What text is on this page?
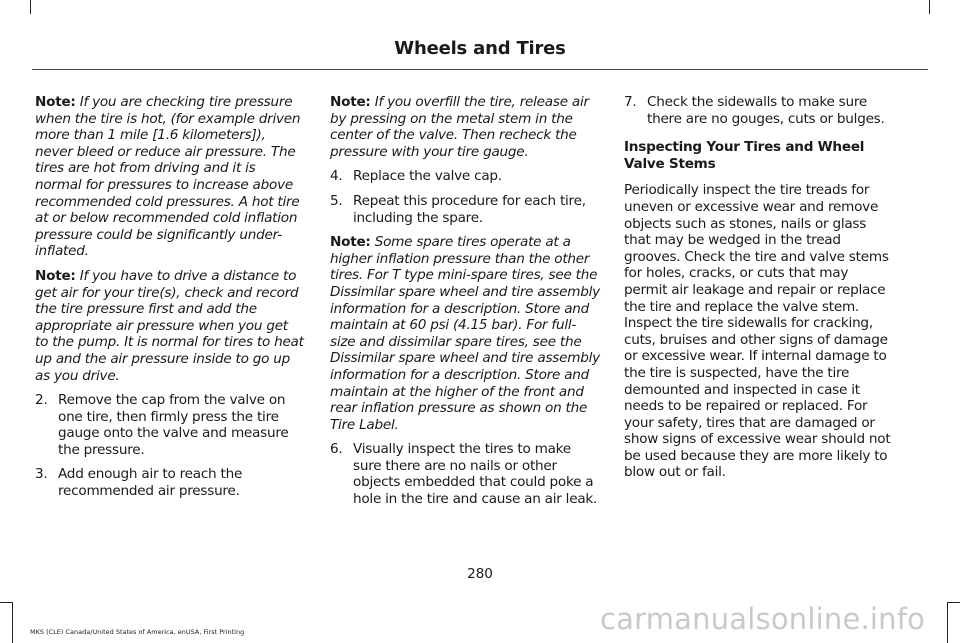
Wheels and Tires

Note: If you are checking tire pressure when the tire is hot, (for example driven more than 1 mile [1.6 kilometers]), never bleed or reduce air pressure. The tires are hot from driving and it is normal for pressures to increase above recommended cold pressures. A hot tire at or below recommended cold inflation pressure could be significantly under-inflated.

Note: If you have to drive a distance to get air for your tire(s), check and record the tire pressure first and add the appropriate air pressure when you get to the pump. It is normal for tires to heat up and the air pressure inside to go up as you drive.

2. Remove the cap from the valve on one tire, then firmly press the tire gauge onto the valve and measure the pressure.
3. Add enough air to reach the recommended air pressure.

Note: If you overfill the tire, release air by pressing on the metal stem in the center of the valve. Then recheck the pressure with your tire gauge.

4. Replace the valve cap.
5. Repeat this procedure for each tire, including the spare.

Note: Some spare tires operate at a higher inflation pressure than the other tires. For T type mini-spare tires, see the Dissimilar spare wheel and tire assembly information for a description. Store and maintain at 60 psi (4.15 bar). For full-size and dissimilar spare tires, see the Dissimilar spare wheel and tire assembly information for a description. Store and maintain at the higher of the front and rear inflation pressure as shown on the Tire Label.

6. Visually inspect the tires to make sure there are no nails or other objects embedded that could poke a hole in the tire and cause an air leak.
7. Check the sidewalls to make sure there are no gouges, cuts or bulges.
Inspecting Your Tires and Wheel Valve Stems

Periodically inspect the tire treads for uneven or excessive wear and remove objects such as stones, nails or glass that may be wedged in the tread grooves. Check the tire and valve stems for holes, cracks, or cuts that may permit air leakage and repair or replace the tire and replace the valve stem. Inspect the tire sidewalls for cracking, cuts, bruises and other signs of damage or excessive wear. If internal damage to the tire is suspected, have the tire demounted and inspected in case it needs to be repaired or replaced. For your safety, tires that are damaged or show signs of excessive wear should not be used because they are more likely to blow out or fail.

280
MKS (CLE) Canada/United States of America, enUSA, First Printing	carmanualsonline.info
